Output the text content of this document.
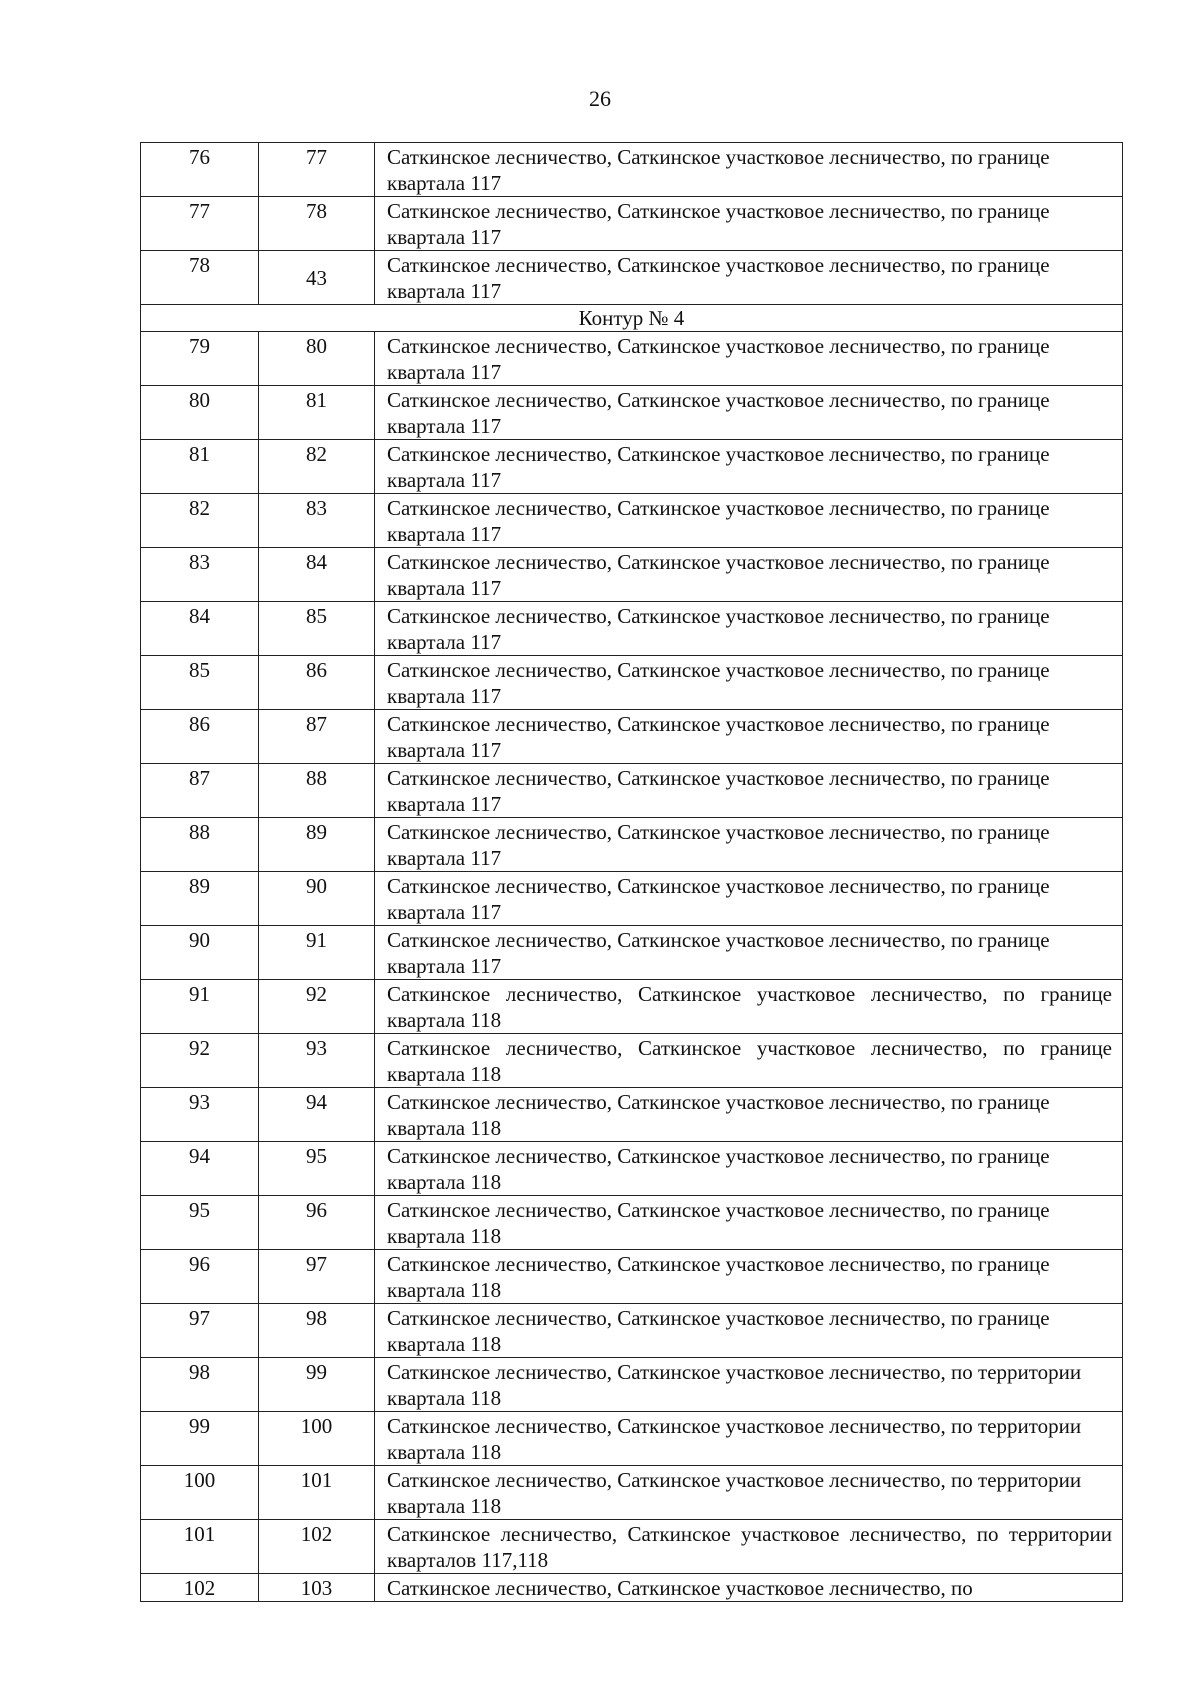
26
76	77	Саткинское лесничество, Саткинское участковое лесничество, по границе квартала 117

77	78	Саткинское лесничество, Саткинское участковое лесничество, по границе квартала 117

78	43	Саткинское лесничество, Саткинское участковое лесничество, по границе квартала 117

Контур № 4		

79	80	Саткинское лесничество, Саткинское участковое лесничество, по границе квартала 117

80	81	Саткинское лесничество, Саткинское участковое лесничество, по границе квартала 117

81	82	Саткинское лесничество, Саткинское участковое лесничество, по границе квартала 117

82	83	Саткинское лесничество, Саткинское участковое лесничество, по границе квартала 117

83	84	Саткинское лесничество, Саткинское участковое лесничество, по границе квартала 117

84	85	Саткинское лесничество, Саткинское участковое лесничество, по границе квартала 117

85	86	Саткинское лесничество, Саткинское участковое лесничество, по границе квартала 117

86	87	Саткинское лесничество, Саткинское участковое лесничество, по границе квартала 117

87	88	Саткинское лесничество, Саткинское участковое лесничество, по границе квартала 117

88	89	Саткинское лесничество, Саткинское участковое лесничество, по границе квартала 117

89	90	Саткинское лесничество, Саткинское участковое лесничество, по границе квартала 117

90	91	Саткинское лесничество, Саткинское участковое лесничество, по границе квартала 117

91	92	Саткинское лесничество, Саткинское участковое лесничество, по границе квартала 118

92	93	Саткинское лесничество, Саткинское участковое лесничество, по границе квартала 118

93	94	Саткинское лесничество, Саткинское участковое лесничество, по границе квартала 118

94	95	Саткинское лесничество, Саткинское участковое лесничество, по границе квартала 118

95	96	Саткинское лесничество, Саткинское участковое лесничество, по границе квартала 118

96	97	Саткинское лесничество, Саткинское участковое лесничество, по границе квартала 118

97	98	Саткинское лесничество, Саткинское участковое лесничество, по границе квартала 118

98	99	Саткинское лесничество, Саткинское участковое лесничество, по территории квартала 118

99	100	Саткинское лесничество, Саткинское участковое лесничество, по территории квартала 118

100	101	Саткинское лесничество, Саткинское участковое лесничество, по территории квартала 118

101	102	Саткинское лесничество, Саткинское участковое лесничество, по территории кварталов 117,118

102	103	Саткинское лесничество, Саткинское участковое лесничество, по
